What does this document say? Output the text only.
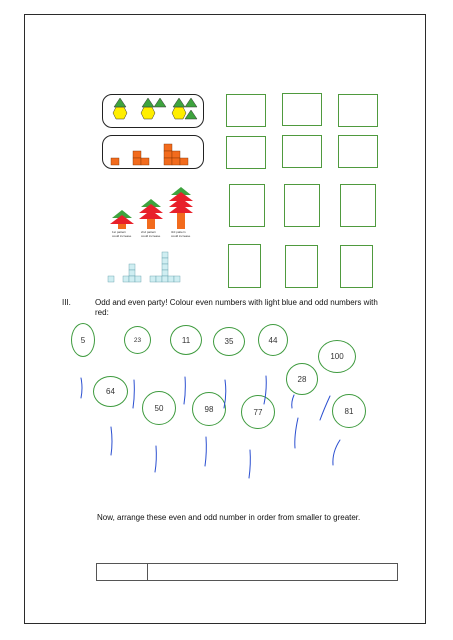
1st pattern
could increase
2nd pattern
could increase
3rd pattern
could increase
III.	Odd and even party! Colour even numbers with light blue and odd numbers with
red:
5	23	11	35	44
100
28
64
50	98	77	81
Now, arrange these even and odd number in order from smaller to greater.
